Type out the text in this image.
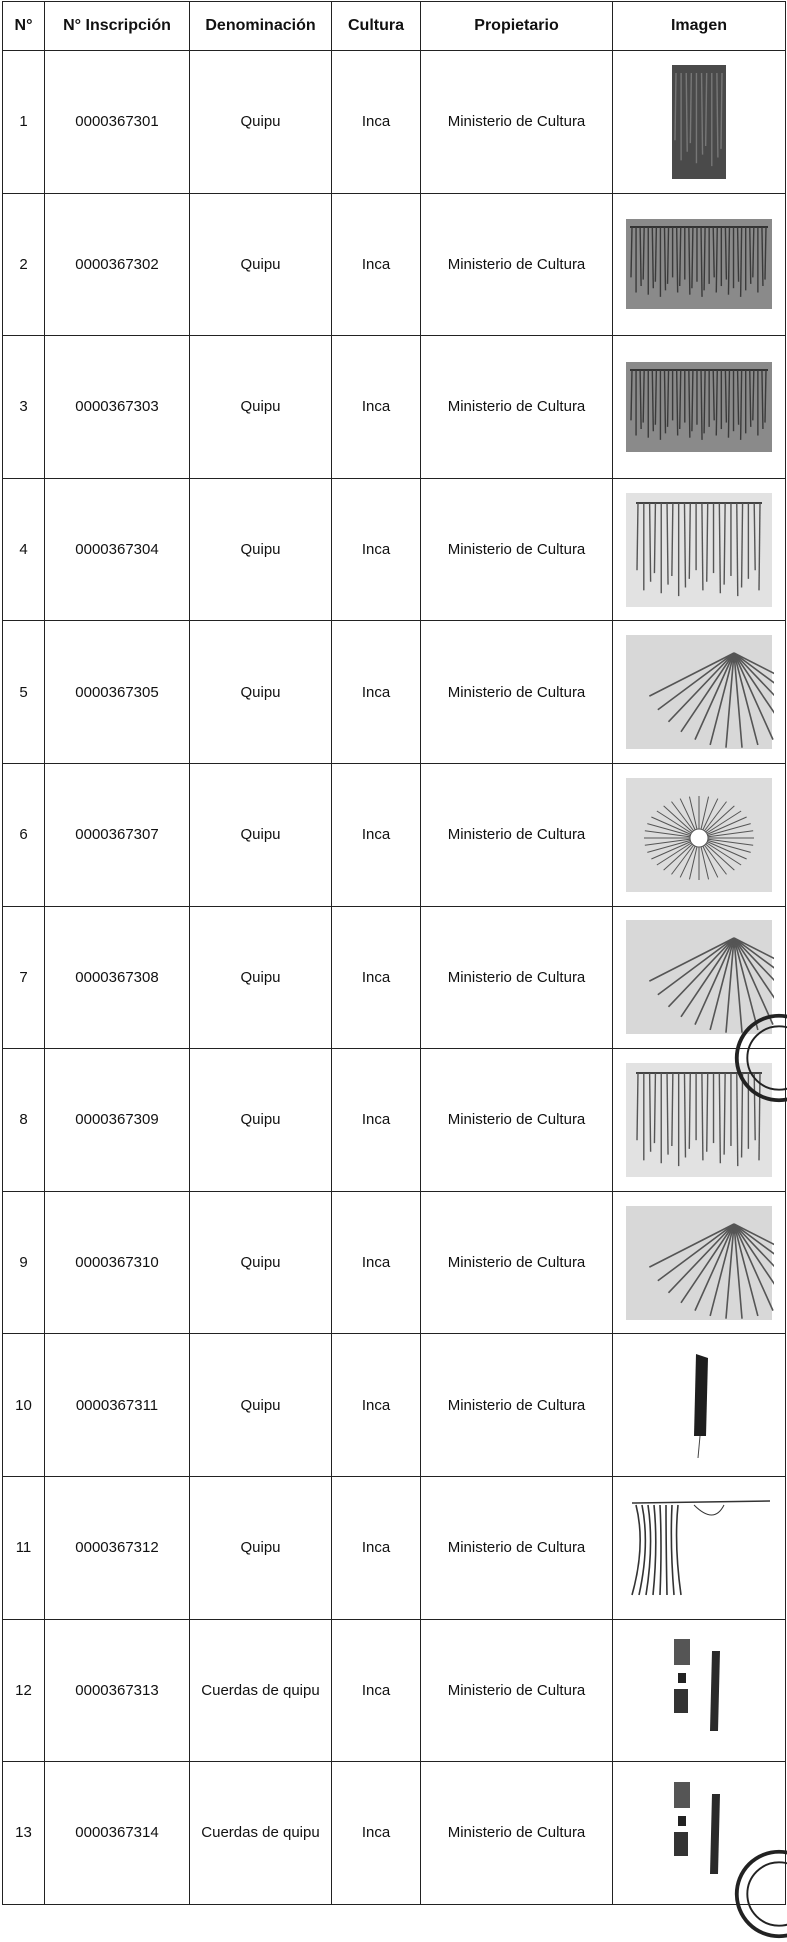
N°	N° Inscripción	Denominación	Cultura	Propietario	Imagen
1	0000367301	Quipu	Inca	Ministerio de Cultura	

2	0000367302	Quipu	Inca	Ministerio de Cultura	

3	0000367303	Quipu	Inca	Ministerio de Cultura	

4	0000367304	Quipu	Inca	Ministerio de Cultura	

5	0000367305	Quipu	Inca	Ministerio de Cultura	

6	0000367307	Quipu	Inca	Ministerio de Cultura	

7	0000367308	Quipu	Inca	Ministerio de Cultura	

8	0000367309	Quipu	Inca	Ministerio de Cultura	

9	0000367310	Quipu	Inca	Ministerio de Cultura	

10	0000367311	Quipu	Inca	Ministerio de Cultura	

11	0000367312	Quipu	Inca	Ministerio de Cultura	

12	0000367313	Cuerdas de quipu	Inca	Ministerio de Cultura	

13	0000367314	Cuerdas de quipu	Inca	Ministerio de Cultura	
